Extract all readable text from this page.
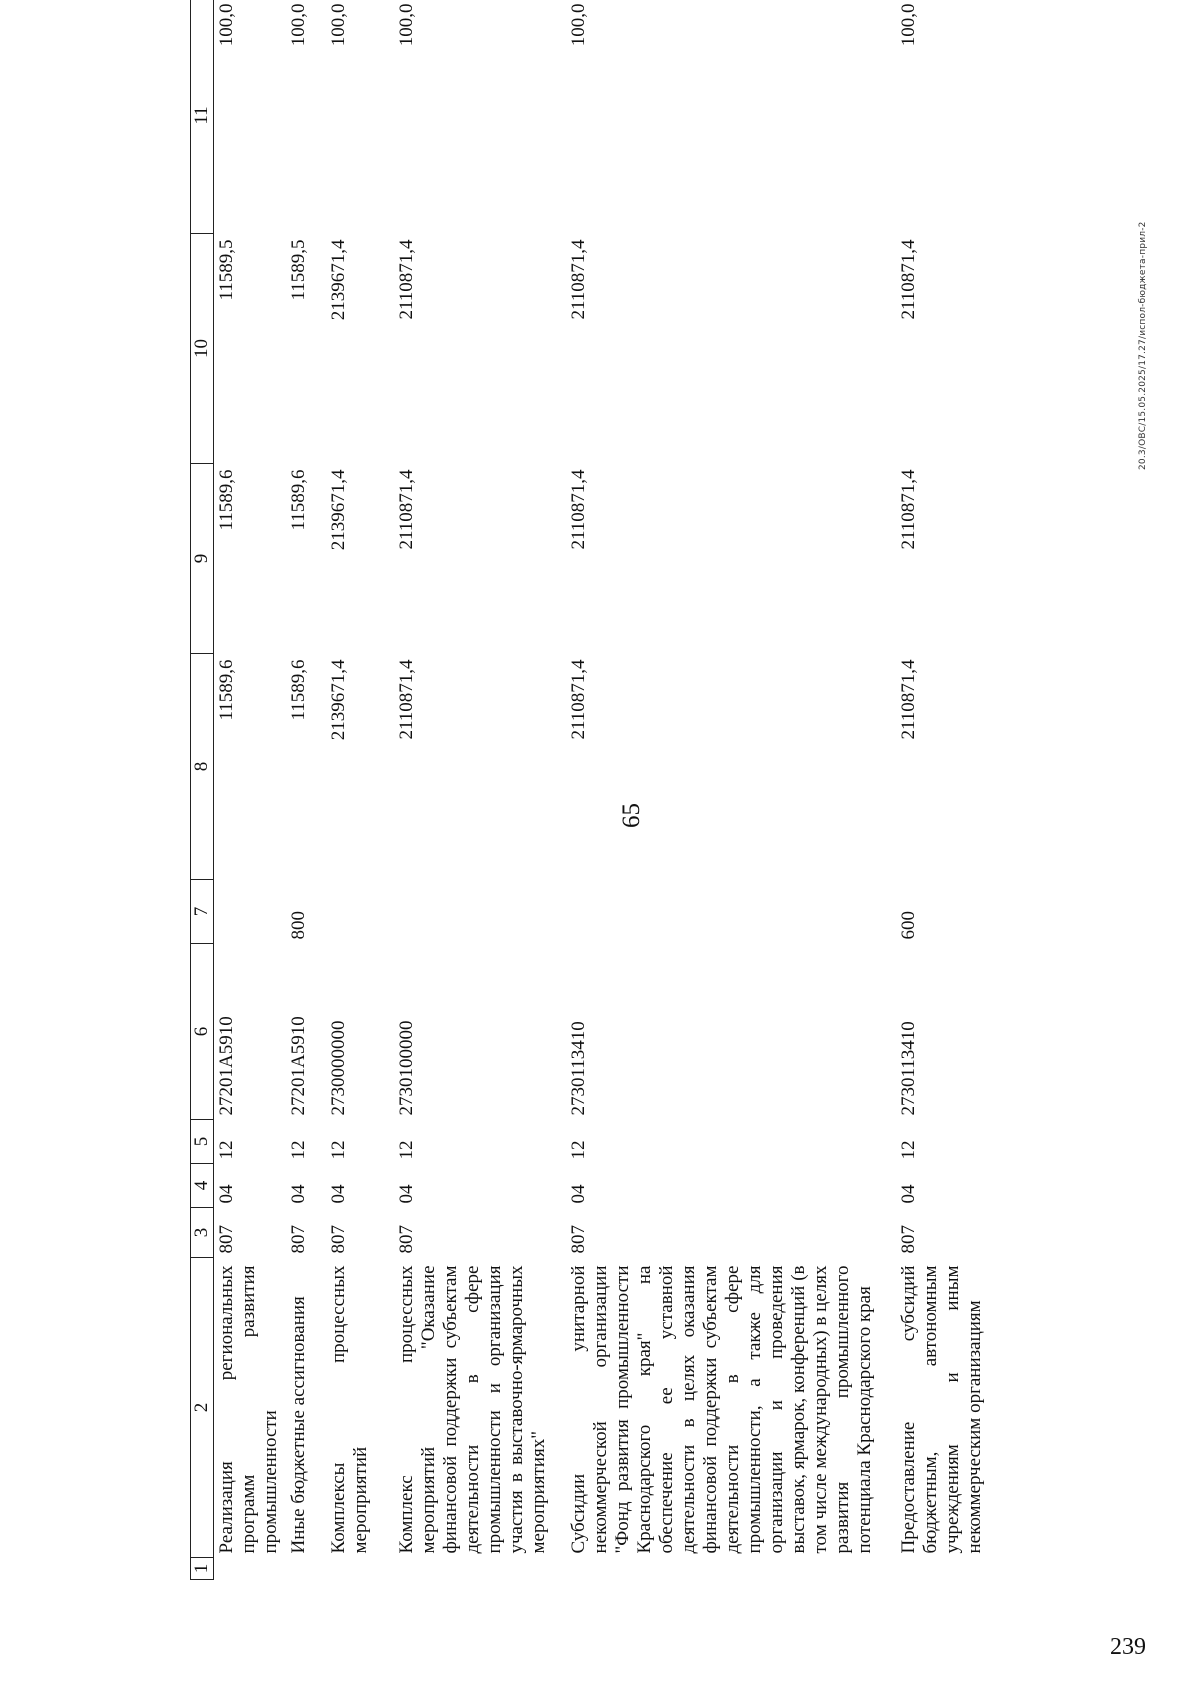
1	2	3	4	5	6	7	8	9	10	11
	Реализация региональных программ развития промышленности	807	04	12	27201А5910		11589,6	11589,6	11589,5	100,0
	Иные бюджетные ассигнования	807	04	12	27201А5910	800	11589,6	11589,6	11589,5	100,0
	Комплексы процессных мероприятий	807	04	12	2730000000		2139671,4	2139671,4	2139671,4	100,0
	Комплекс процессных мероприятий "Оказание финансовой поддержки субъектам деятельности в сфере промышленности и организация участия в выставочно-ярмарочных мероприятиях"	807	04	12	2730100000		2110871,4	2110871,4	2110871,4	100,0
	Субсидии унитарной некоммерческой организации "Фонд развития промышленности Краснодарского края" на обеспечение ее уставной деятельности в целях оказания финансовой поддержки субъектам деятельности в сфере промышленности, а также для организации и проведения выставок, ярмарок, конференций (в том числе международных) в целях развития промышленного потенциала Краснодарского края	807	04	12	2730113410		2110871,4	2110871,4	2110871,4	100,0
	Предоставление субсидий бюджетным, автономным учреждениям и иным некоммерческим организациям	807	04	12	2730113410	600	2110871,4	2110871,4	2110871,4	100,0
65
20.3/ОВС/15.05.2025/17.27/испол-бюджета-прил-2
239
